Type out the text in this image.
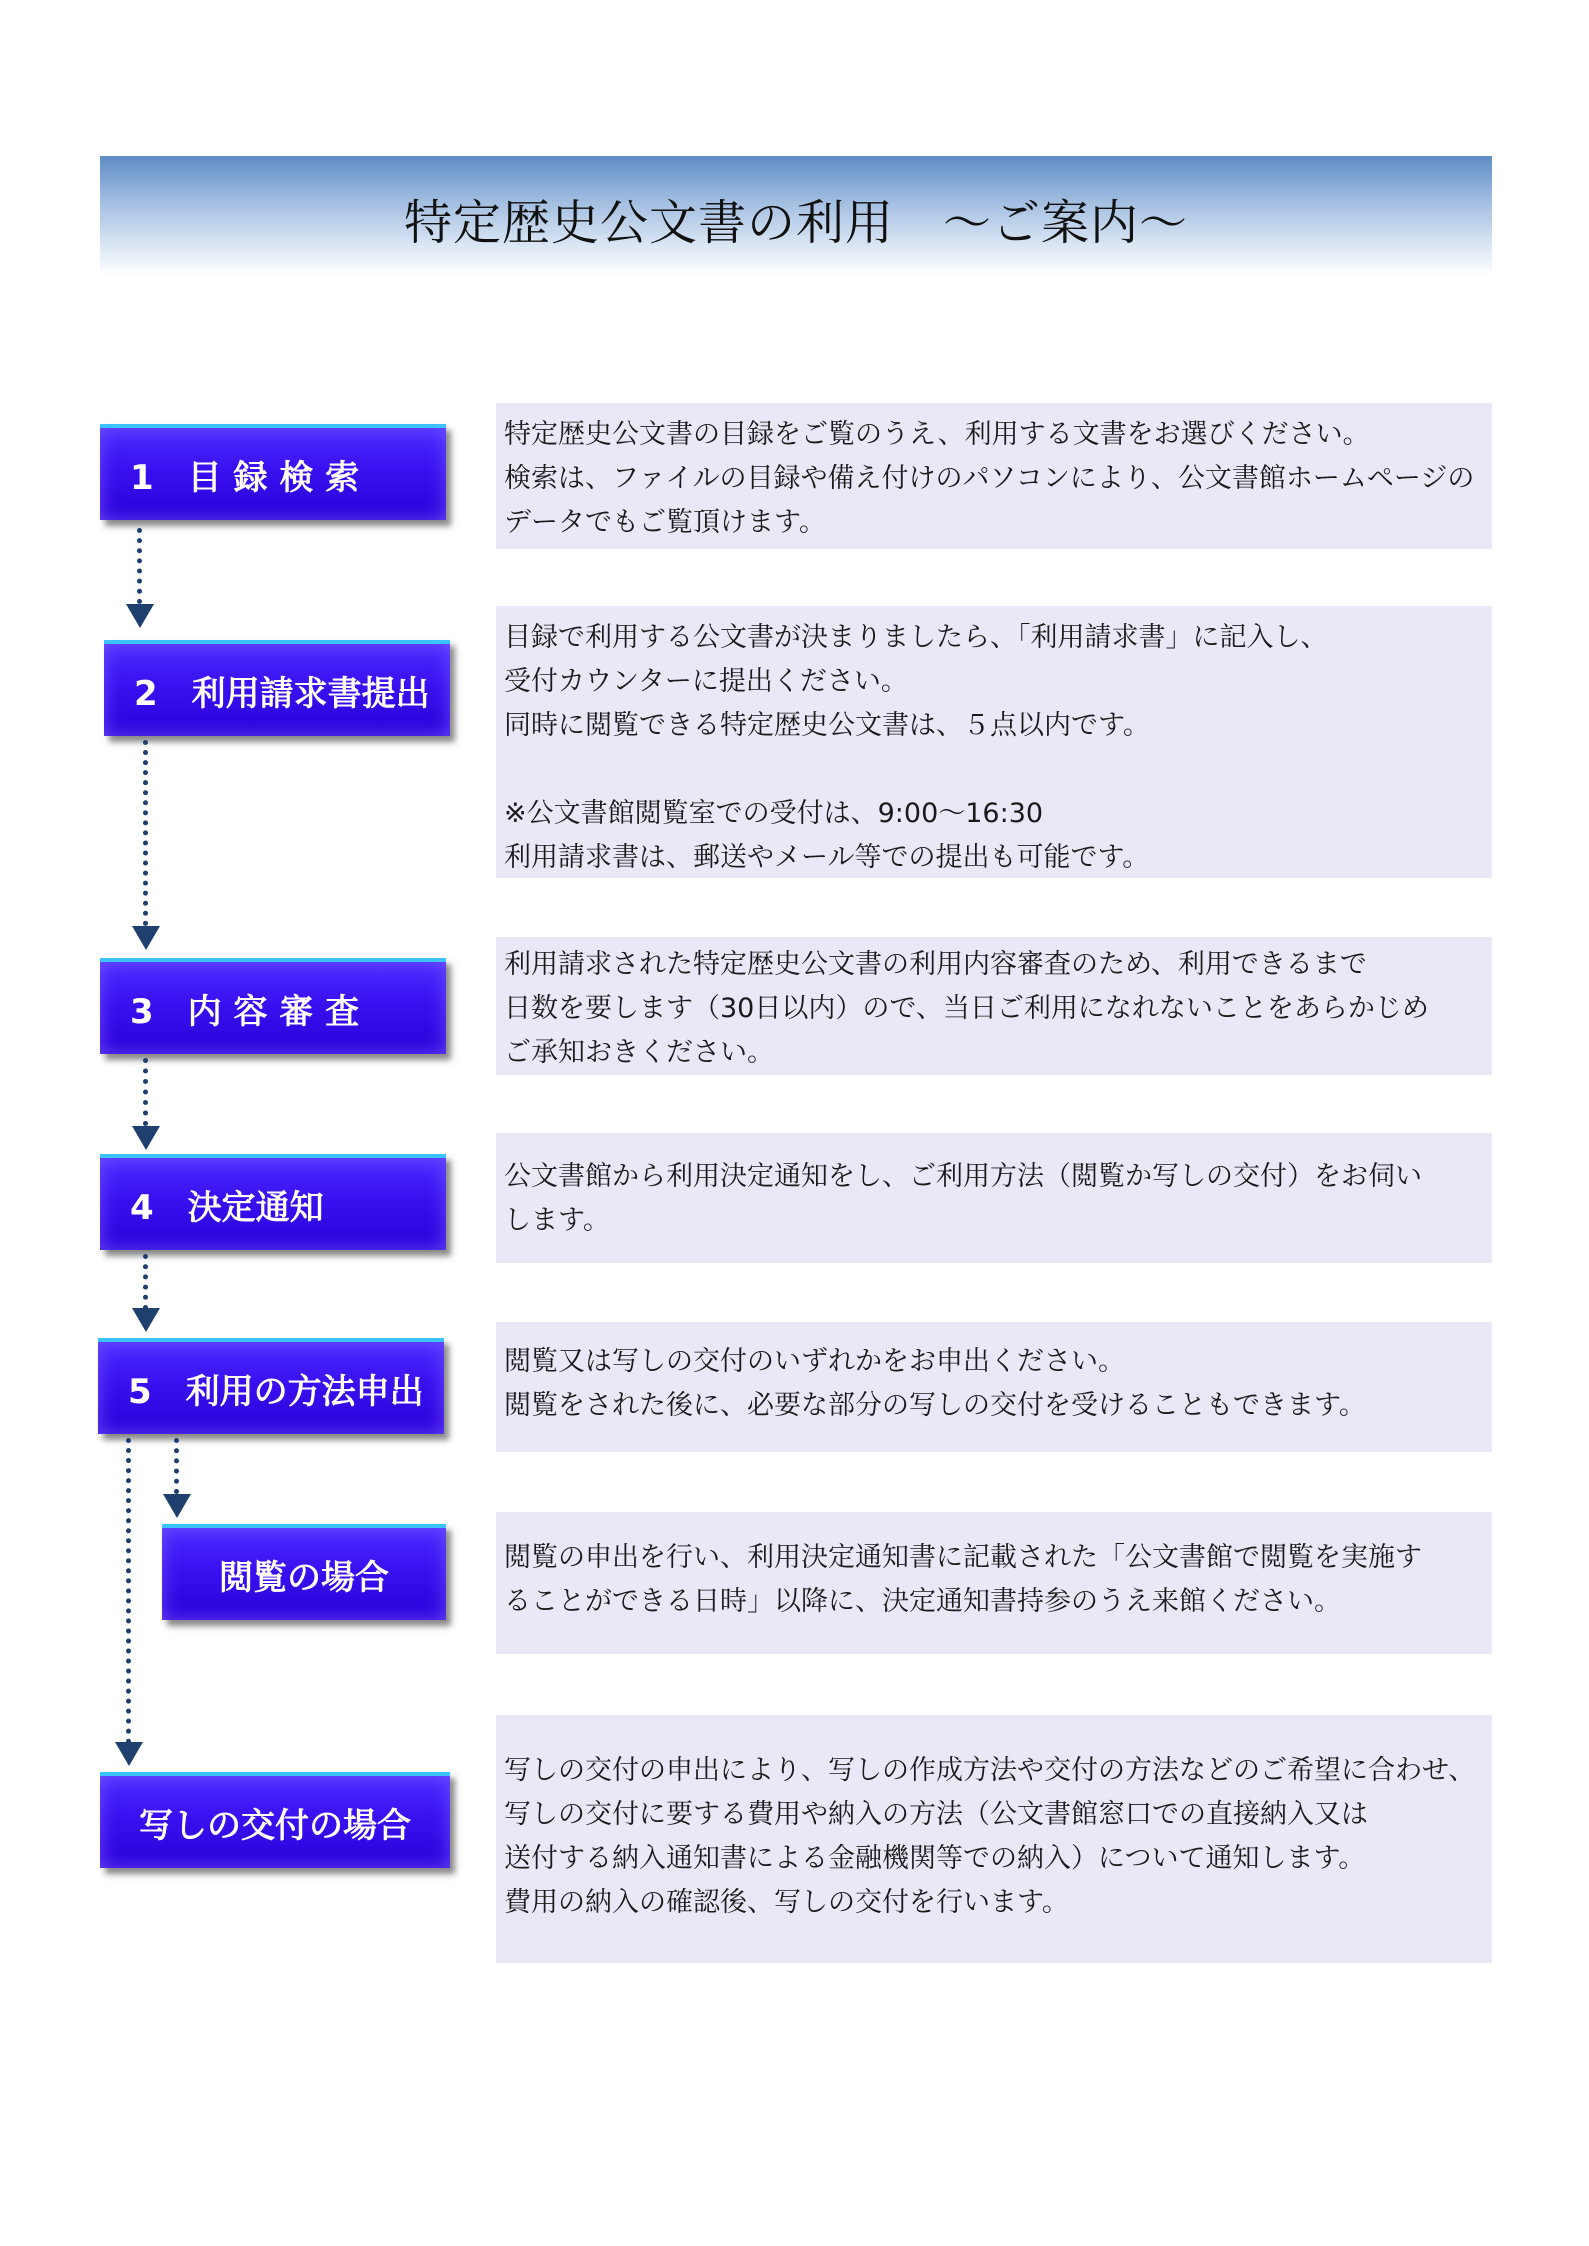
特定歴史公文書の利用　～ご案内～
1　目 録 検 索

特定歴史公文書の目録をご覧のうえ、利用する文書をお選びください。

検索は、ファイルの目録や備え付けのパソコンにより、公文書館ホームページの

データでもご覧頂けます。

2　利用請求書提出

目録で利用する公文書が決まりましたら、「利用請求書」に記入し、

受付カウンターに提出ください。

同時に閲覧できる特定歴史公文書は、５点以内です。

※公文書館閲覧室での受付は、9:00～16:30

利用請求書は、郵送やメール等での提出も可能です。

3　内 容 審 査

利用請求された特定歴史公文書の利用内容審査のため、利用できるまで

日数を要します（30日以内）ので、当日ご利用になれないことをあらかじめ

ご承知おきください。

4　決定通知

公文書館から利用決定通知をし、ご利用方法（閲覧か写しの交付）をお伺い

します。

5　利用の方法申出

閲覧又は写しの交付のいずれかをお申出ください。

閲覧をされた後に、必要な部分の写しの交付を受けることもできます。

閲覧の場合	閲覧の申出を行い、利用決定通知書に記載された「公文書館で閲覧を実施す

ることができる日時」以降に、決定通知書持参のうえ来館ください。

写しの交付の場合

写しの交付の申出により、写しの作成方法や交付の方法などのご希望に合わせ、

写しの交付に要する費用や納入の方法（公文書館窓口での直接納入又は

送付する納入通知書による金融機関等での納入）について通知します。

費用の納入の確認後、写しの交付を行います。
